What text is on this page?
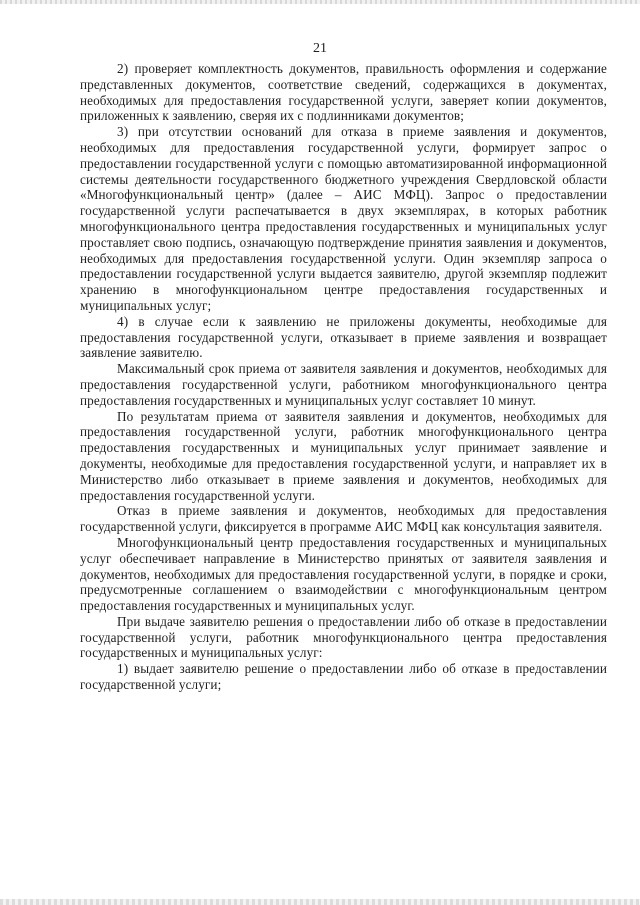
21

2) проверяет комплектность документов, правильность оформления и содержание представленных документов, соответствие сведений, содержащихся в документах, необходимых для предоставления государственной услуги, заверяет копии документов, приложенных к заявлению, сверяя их с подлинниками документов;

3) при отсутствии оснований для отказа в приеме заявления и документов, необходимых для предоставления государственной услуги, формирует запрос о предоставлении государственной услуги с помощью автоматизированной информационной системы деятельности государственного бюджетного учреждения Свердловской области «Многофункциональный центр» (далее – АИС МФЦ). Запрос о предоставлении государственной услуги распечатывается в двух экземплярах, в которых работник многофункционального центра предоставления государственных и муниципальных услуг проставляет свою подпись, означающую подтверждение принятия заявления и документов, необходимых для предоставления государственной услуги. Один экземпляр запроса о предоставлении государственной услуги выдается заявителю, другой экземпляр подлежит хранению в многофункциональном центре предоставления государственных и муниципальных услуг;

4) в случае если к заявлению не приложены документы, необходимые для предоставления государственной услуги, отказывает в приеме заявления и возвращает заявление заявителю.

Максимальный срок приема от заявителя заявления и документов, необходимых для предоставления государственной услуги, работником многофункционального центра предоставления государственных и муниципальных услуг составляет 10 минут.

По результатам приема от заявителя заявления и документов, необходимых для предоставления государственной услуги, работник многофункционального центра предоставления государственных и муниципальных услуг принимает заявление и документы, необходимые для предоставления государственной услуги, и направляет их в Министерство либо отказывает в приеме заявления и документов, необходимых для предоставления государственной услуги.

Отказ в приеме заявления и документов, необходимых для предоставления государственной услуги, фиксируется в программе АИС МФЦ как консультация заявителя.

Многофункциональный центр предоставления государственных и муниципальных услуг обеспечивает направление в Министерство принятых от заявителя заявления и документов, необходимых для предоставления государственной услуги, в порядке и сроки, предусмотренные соглашением о взаимодействии с многофункциональным центром предоставления государственных и муниципальных услуг.

При выдаче заявителю решения о предоставлении либо об отказе в предоставлении государственной услуги, работник многофункционального центра предоставления государственных и муниципальных услуг:

1) выдает заявителю решение о предоставлении либо об отказе в предоставлении государственной услуги;
